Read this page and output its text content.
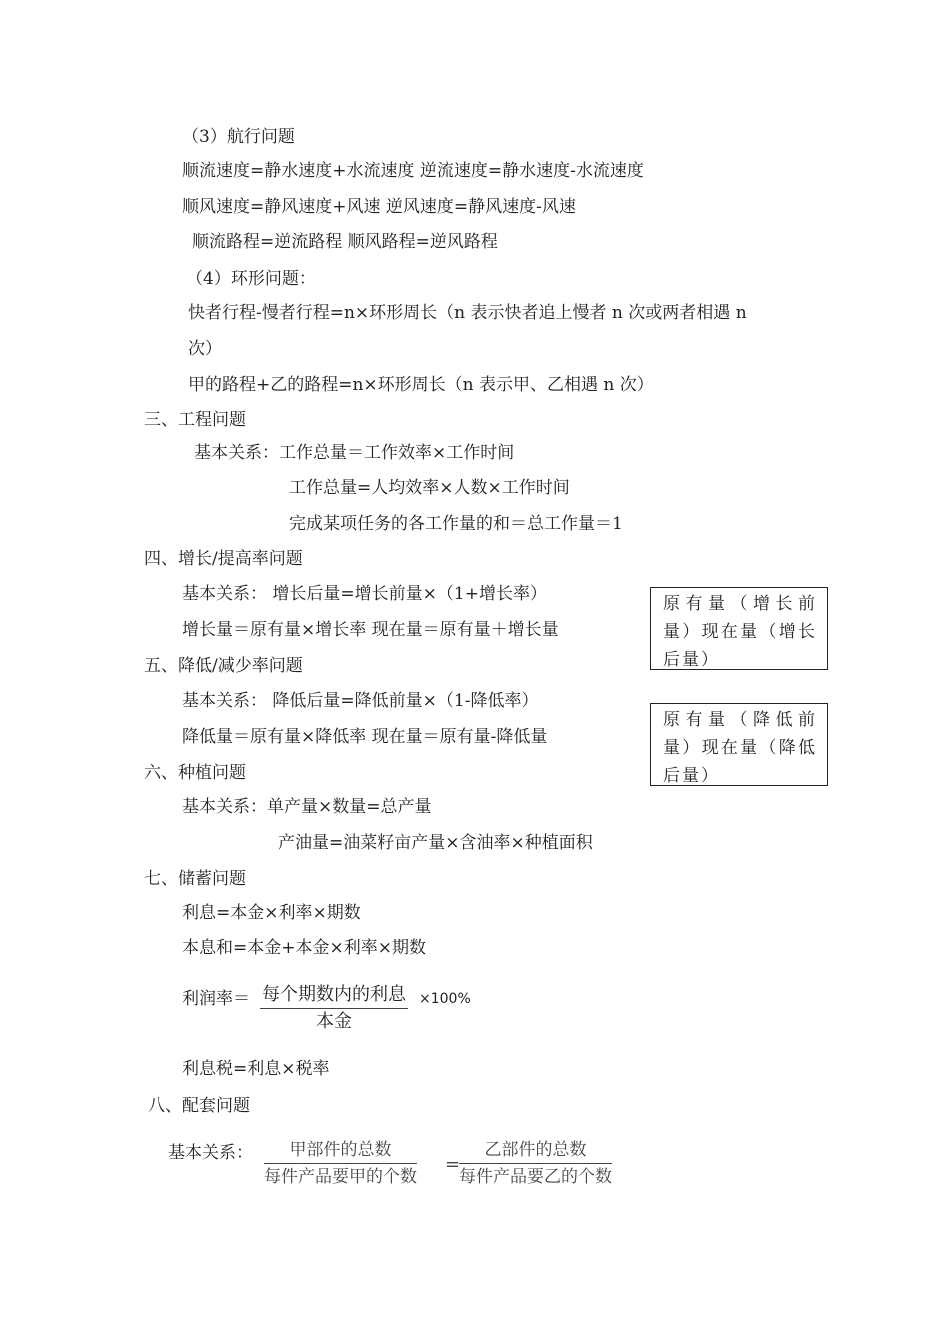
（3）航行问题
顺流速度=静水速度+水流速度 逆流速度=静水速度-水流速度
顺风速度=静风速度+风速 逆风速度=静风速度-风速
顺流路程=逆流路程 顺风路程=逆风路程
（4）环形问题：
快者行程-慢者行程=n×环形周长（n 表示快者追上慢者 n 次或两者相遇 n
次）
甲的路程+乙的路程=n×环形周长（n 表示甲、乙相遇 n 次）
三、工程问题
基本关系：工作总量＝工作效率×工作时间
工作总量=人均效率×人数×工作时间
完成某项任务的各工作量的和＝总工作量＝1
四、增长/提高率问题
基本关系： 增长后量=增长前量×（1+增长率）
增长量＝原有量×增长率 现在量＝原有量＋增长量
原有量（增长前量）现在量（增长后量）
五、降低/减少率问题
基本关系： 降低后量=降低前量×（1-降低率）
降低量＝原有量×降低率 现在量＝原有量-降低量
原有量（降低前量）现在量（降低后量）
六、种植问题
基本关系：单产量×数量=总产量
产油量=油菜籽亩产量×含油率×种植面积
七、储蓄问题
利息=本金×利率×期数
本息和=本金+本金×利率×期数
利润率＝ 每个期数内的利息
本金
×100%
利息税=利息×税率
八、配套问题
基本关系：	甲部件的总数
每件产品要甲的个数
=
乙部件的总数
每件产品要乙的个数
